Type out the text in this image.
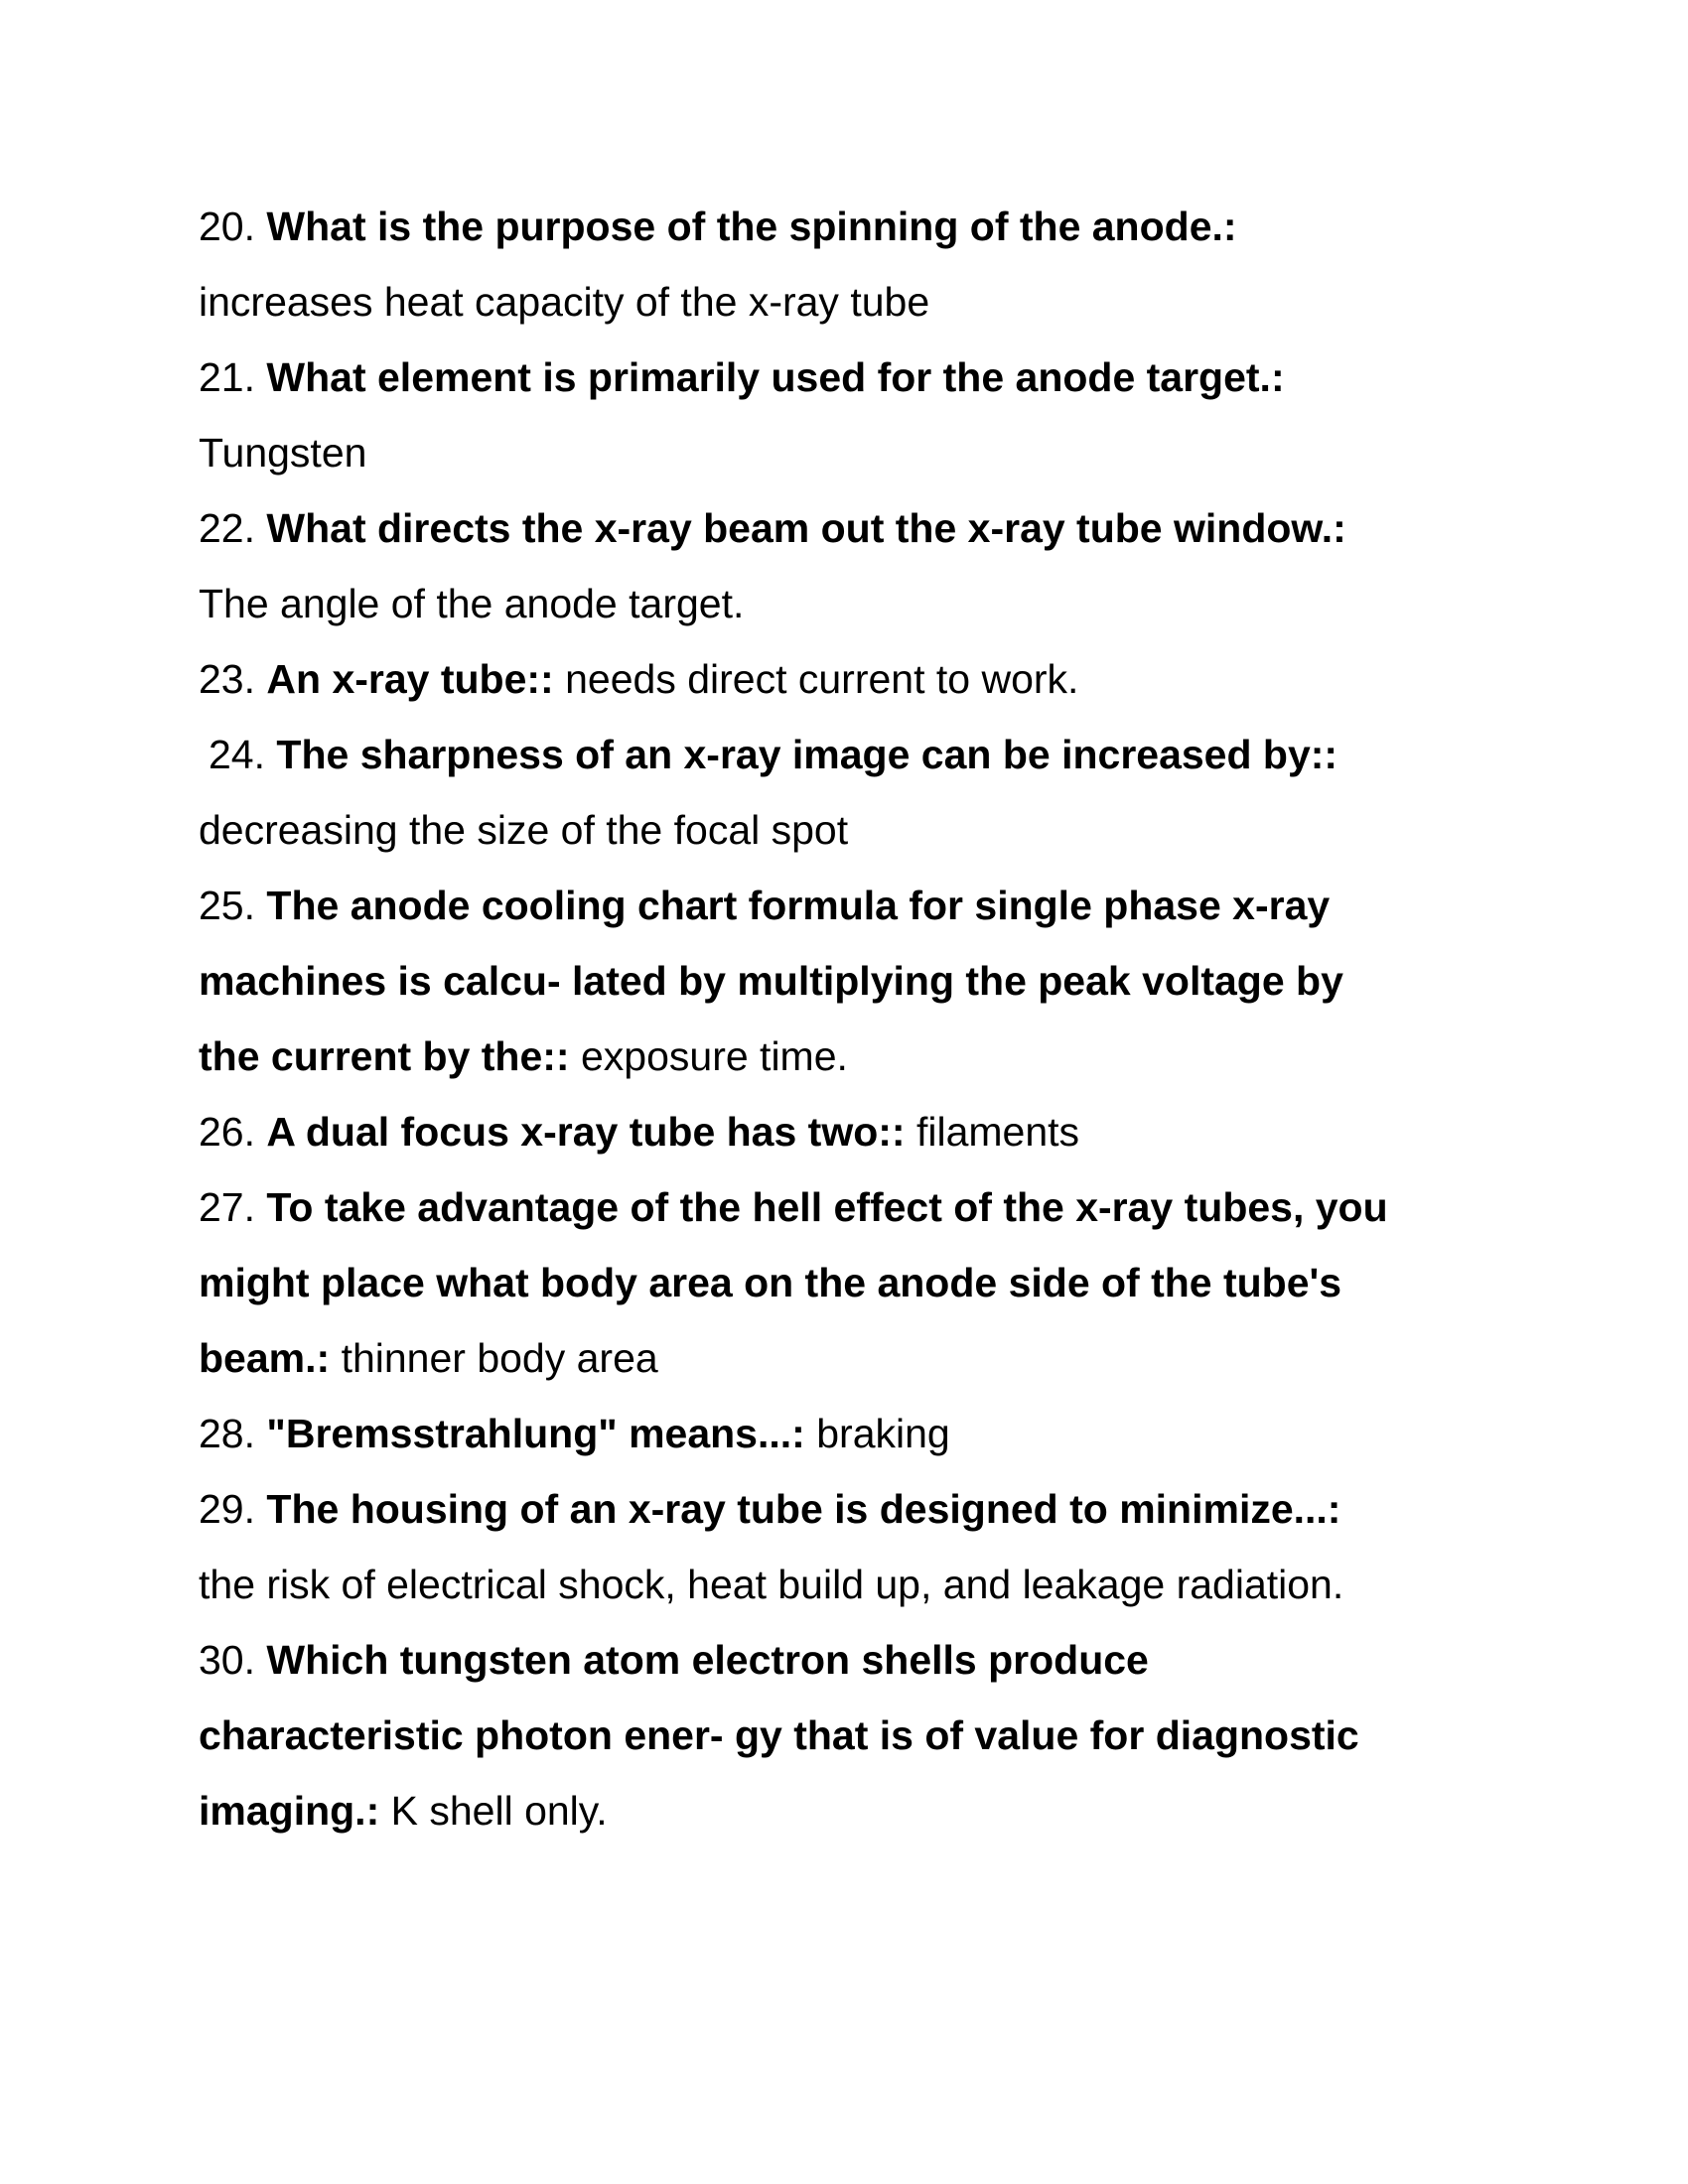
20. What is the purpose of the spinning of the anode.:
increases heat capacity of the x-ray tube
21. What element is primarily used for the anode target.:
Tungsten
22. What directs the x-ray beam out the x-ray tube window.:
The angle of the anode target.
23. An x-ray tube:: needs direct current to work.
24. The sharpness of an x-ray image can be increased by::
decreasing the size of the focal spot
25. The anode cooling chart formula for single phase x-ray
machines is calcu- lated by multiplying the peak voltage by
the current by the:: exposure time.
26. A dual focus x-ray tube has two:: filaments
27. To take advantage of the hell effect of the x-ray tubes, you
might place what body area on the anode side of the tube's
beam.: thinner body area
28. "Bremsstrahlung" means...: braking
29. The housing of an x-ray tube is designed to minimize...:
the risk of electrical shock, heat build up, and leakage radiation.
30. Which tungsten atom electron shells produce
characteristic photon ener- gy that is of value for diagnostic
imaging.: K shell only.
